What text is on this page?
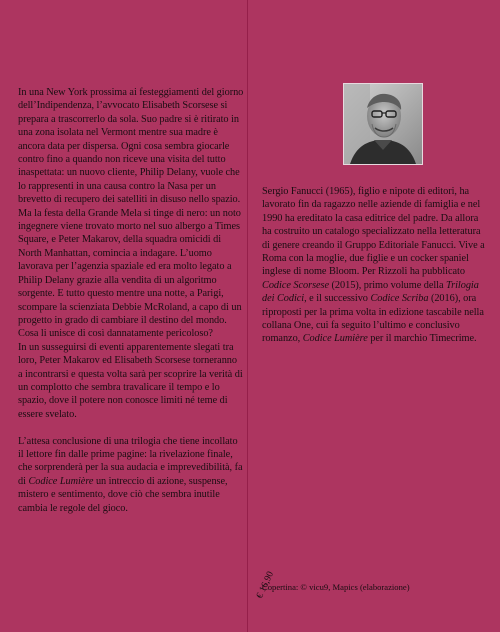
In una New York prossima ai festeggiamenti del giorno dell’Indipendenza, l’avvocato Elisabeth Scorsese si prepara a trascorrerlo da sola. Suo padre si è ritirato in una zona isolata nel Vermont mentre sua madre è ancora data per dispersa. Ogni cosa sembra giocarle contro fino a quando non riceve una visita del tutto inaspettata: un nuovo cliente, Philip Delany, vuole che lo rappresenti in una causa contro la Nasa per un brevetto di recupero dei satelliti in disuso nello spazio. Ma la festa della Grande Mela si tinge di nero: un noto ingegnere viene trovato morto nel suo albergo a Times Square, e Peter Makarov, della squadra omicidi di North Manhattan, comincia a indagare. L’uomo lavorava per l’agenzia spaziale ed era molto legato a Philip Delany grazie alla vendita di un algoritmo sorgente. E tutto questo mentre una notte, a Parigi, scompare la scienziata Debbie McRoland, a capo di un progetto in grado di cambiare il destino del mondo. Cosa li unisce di così dannatamente pericoloso?

In un susseguirsi di eventi apparentemente slegati tra loro, Peter Makarov ed Elisabeth Scorsese torneranno a incontrarsi e questa volta sarà per scoprire la verità di un complotto che sembra travalicare il tempo e lo spazio, dove il potere non conosce limiti né teme di essere svelato.

L’attesa conclusione di una trilogia che tiene incollato il lettore fin dalle prime pagine: la rivelazione finale, che sorprenderà per la sua audacia e imprevedibilità, fa di Codice Lumière un intreccio di azione, suspense, mistero e sentimento, dove ciò che sembra inutile cambia le regole del gioco.

Sergio Fanucci (1965), figlio e nipote di editori, ha lavorato fin da ragazzo nelle aziende di famiglia e nel 1990 ha ereditato la casa editrice del padre. Da allora ha costruito un catalogo specializzato nella letteratura di genere creando il Gruppo Editoriale Fanucci. Vive a Roma con la moglie, due figlie e un cocker spaniel inglese di nome Bloom. Per Rizzoli ha pubblicato Codice Scorsese (2015), primo volume della Trilogia dei Codici, e il successivo Codice Scriba (2016), ora riproposti per la prima volta in edizione tascabile nella collana One, cui fa seguito l’ultimo e conclusivo romanzo, Codice Lumière per il marchio Timecrime.

Copertina: © vicu9, Mapics (elaborazione)
€ 16,90
